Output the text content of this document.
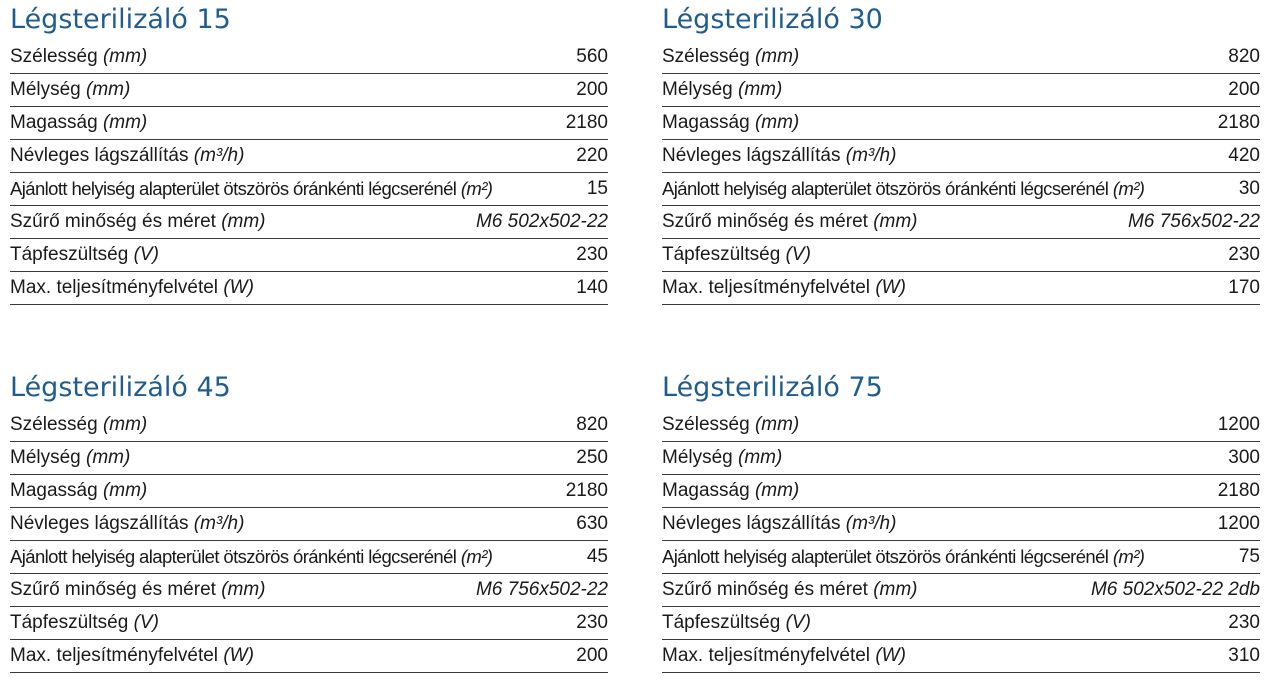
Légsterilizáló 15
Szélesség (mm)	560
Mélység (mm)	200
Magasság (mm)	2180
Névleges lágszállítás (m³/h)	220
Ajánlott helyiség alapterület ötszörös óránkénti légcserénél (m²)	15
Szűrő minőség és méret (mm)	M6 502x502-22
Tápfeszültség (V)	230
Max. teljesítményfelvétel (W)	140
Légsterilizáló 30
Szélesség (mm)	820
Mélység (mm)	200
Magasság (mm)	2180
Névleges lágszállítás (m³/h)	420
Ajánlott helyiség alapterület ötszörös óránkénti légcserénél (m²)	30
Szűrő minőség és méret (mm)	M6 756x502-22
Tápfeszültség (V)	230
Max. teljesítményfelvétel (W)	170
Légsterilizáló 45
Szélesség (mm)	820
Mélység (mm)	250
Magasság (mm)	2180
Névleges lágszállítás (m³/h)	630
Ajánlott helyiség alapterület ötszörös óránkénti légcserénél (m²)	45
Szűrő minőség és méret (mm)	M6 756x502-22
Tápfeszültség (V)	230
Max. teljesítményfelvétel (W)	200
Légsterilizáló 75
Szélesség (mm)	1200
Mélység (mm)	300
Magasság (mm)	2180
Névleges lágszállítás (m³/h)	1200
Ajánlott helyiség alapterület ötszörös óránkénti légcserénél (m²)	75
Szűrő minőség és méret (mm)	M6 502x502-22 2db
Tápfeszültség (V)	230
Max. teljesítményfelvétel (W)	310
